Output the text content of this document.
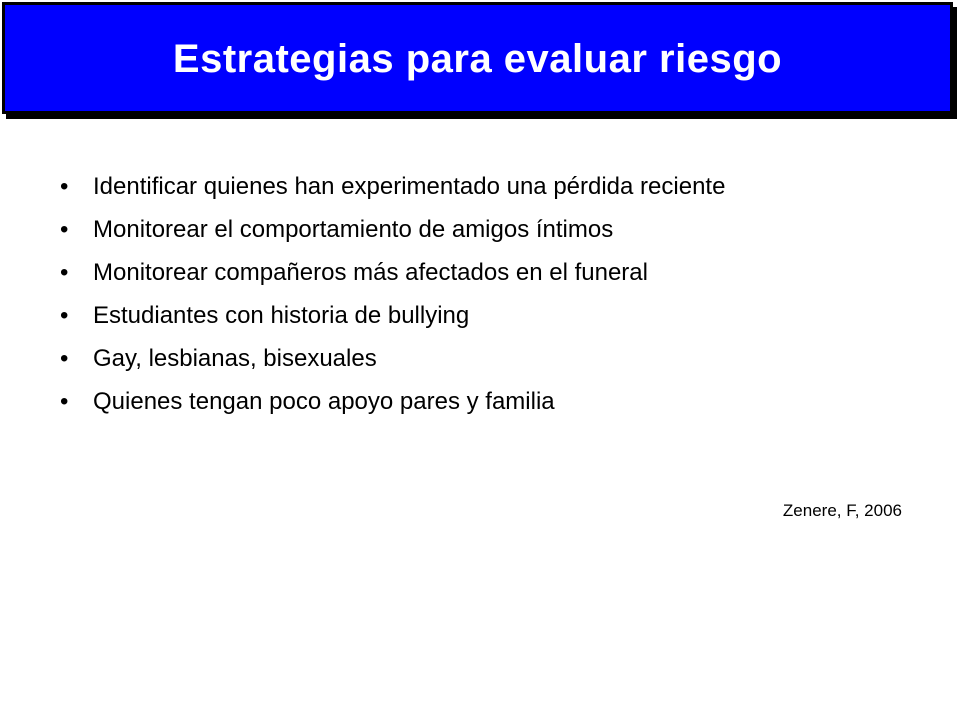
Estrategias para evaluar riesgo
• Identificar quienes han experimentado una pérdida reciente
• Monitorear el comportamiento de amigos íntimos
• Monitorear compañeros más afectados en el funeral
• Estudiantes con historia de bullying
• Gay, lesbianas, bisexuales
• Quienes tengan poco apoyo pares y familia
Zenere, F, 2006
